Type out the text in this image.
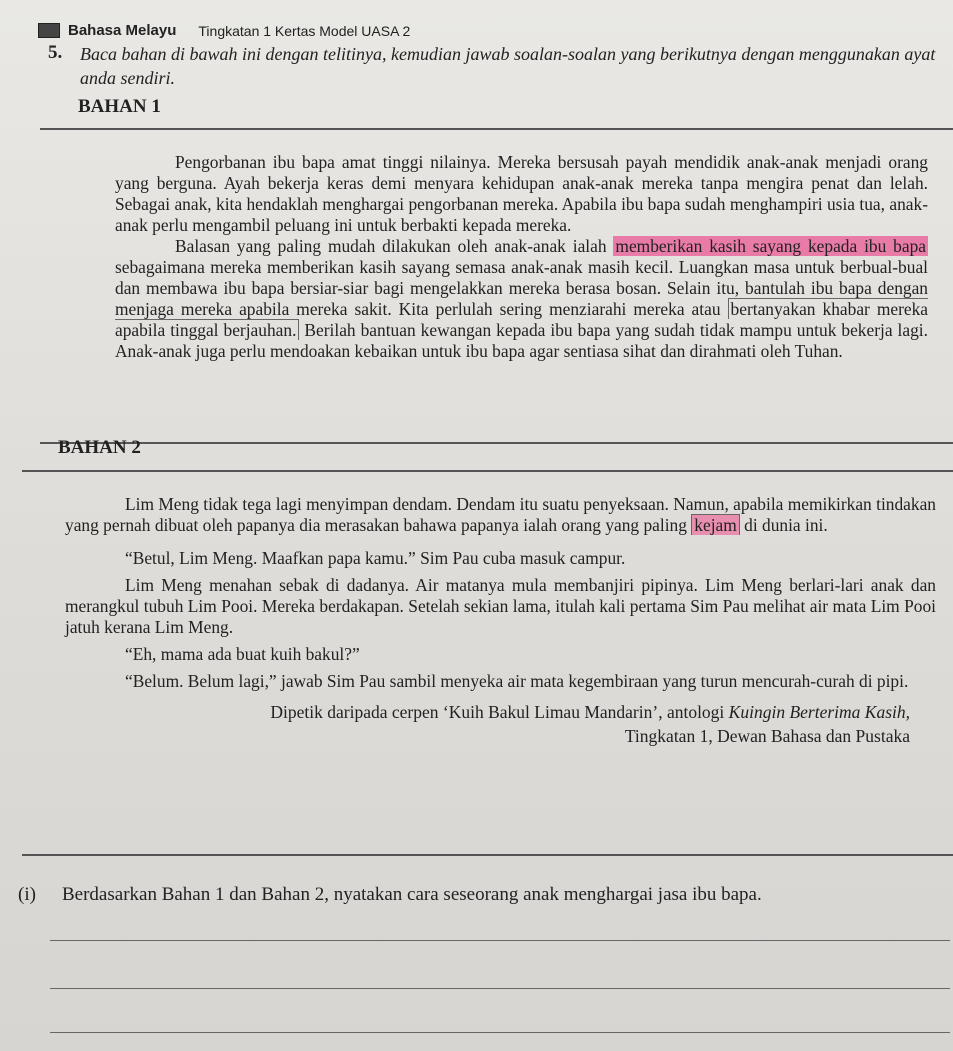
Bahasa Melayu Tingkatan 1 Kertas Model UASA 2
5. Baca bahan di bawah ini dengan telitinya, kemudian jawab soalan-soalan yang berikutnya dengan menggunakan ayat anda sendiri.
BAHAN 1

Pengorbanan ibu bapa amat tinggi nilainya. Mereka bersusah payah mendidik anak-anak menjadi orang yang berguna. Ayah bekerja keras demi menyara kehidupan anak-anak mereka tanpa mengira penat dan lelah. Sebagai anak, kita hendaklah menghargai pengorbanan mereka. Apabila ibu bapa sudah menghampiri usia tua, anak-anak perlu mengambil peluang ini untuk berbakti kepada mereka.

Balasan yang paling mudah dilakukan oleh anak-anak ialah memberikan kasih sayang kepada ibu bapa sebagaimana mereka memberikan kasih sayang semasa anak-anak masih kecil. Luangkan masa untuk berbual-bual dan membawa ibu bapa bersiar-siar bagi mengelakkan mereka berasa bosan. Selain itu, bantulah ibu bapa dengan menjaga mereka apabila mereka sakit. Kita perlulah sering menziarahi mereka atau bertanyakan khabar mereka apabila tinggal berjauhan. Berilah bantuan kewangan kepada ibu bapa yang sudah tidak mampu untuk bekerja lagi. Anak-anak juga perlu mendoakan kebaikan untuk ibu bapa agar sentiasa sihat dan dirahmati oleh Tuhan.

BAHAN 2

Lim Meng tidak tega lagi menyimpan dendam. Dendam itu suatu penyeksaan. Namun, apabila memikirkan tindakan yang pernah dibuat oleh papanya dia merasakan bahawa papanya ialah orang yang paling kejam di dunia ini.

“Betul, Lim Meng. Maafkan papa kamu.” Sim Pau cuba masuk campur.

Lim Meng menahan sebak di dadanya. Air matanya mula membanjiri pipinya. Lim Meng berlari-lari anak dan merangkul tubuh Lim Pooi. Mereka berdakapan. Setelah sekian lama, itulah kali pertama Sim Pau melihat air mata Lim Pooi jatuh kerana Lim Meng.

“Eh, mama ada buat kuih bakul?”

“Belum. Belum lagi,” jawab Sim Pau sambil menyeka air mata kegembiraan yang turun mencurah-curah di pipi.

Dipetik daripada cerpen ‘Kuih Bakul Limau Mandarin’, antologi Kuingin Berterima Kasih,
Tingkatan 1, Dewan Bahasa dan Pustaka
(i) Berdasarkan Bahan 1 dan Bahan 2, nyatakan cara seseorang anak menghargai jasa ibu bapa.
